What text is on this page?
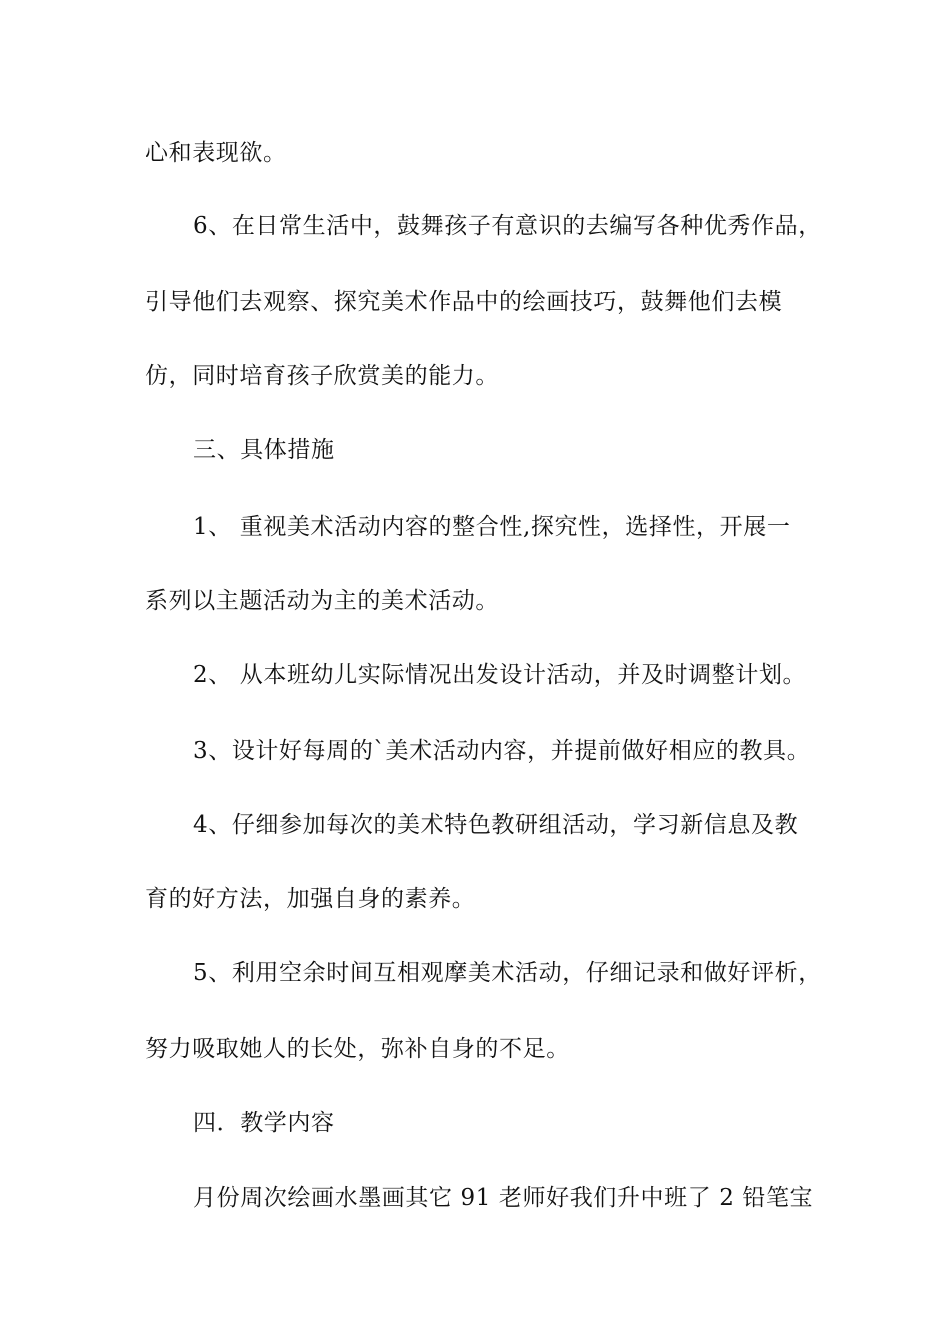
心和表现欲。

6、在日常生活中，鼓舞孩子有意识的去编写各种优秀作品，

引导他们去观察、探究美术作品中的绘画技巧，鼓舞他们去模

仿，同时培育孩子欣赏美的能力。

三、具体措施

1、 重视美术活动内容的整合性,探究性，选择性，开展一

系列以主题活动为主的美术活动。

2、 从本班幼儿实际情况出发设计活动，并及时调整计划。

3、设计好每周的`美术活动内容，并提前做好相应的教具。

4、仔细参加每次的美术特色教研组活动，学习新信息及教

育的好方法，加强自身的素养。

5、利用空余时间互相观摩美术活动，仔细记录和做好评析，

努力吸取她人的长处，弥补自身的不足。

四．教学内容

月份周次绘画水墨画其它 91 老师好我们升中班了 2 铅笔宝
